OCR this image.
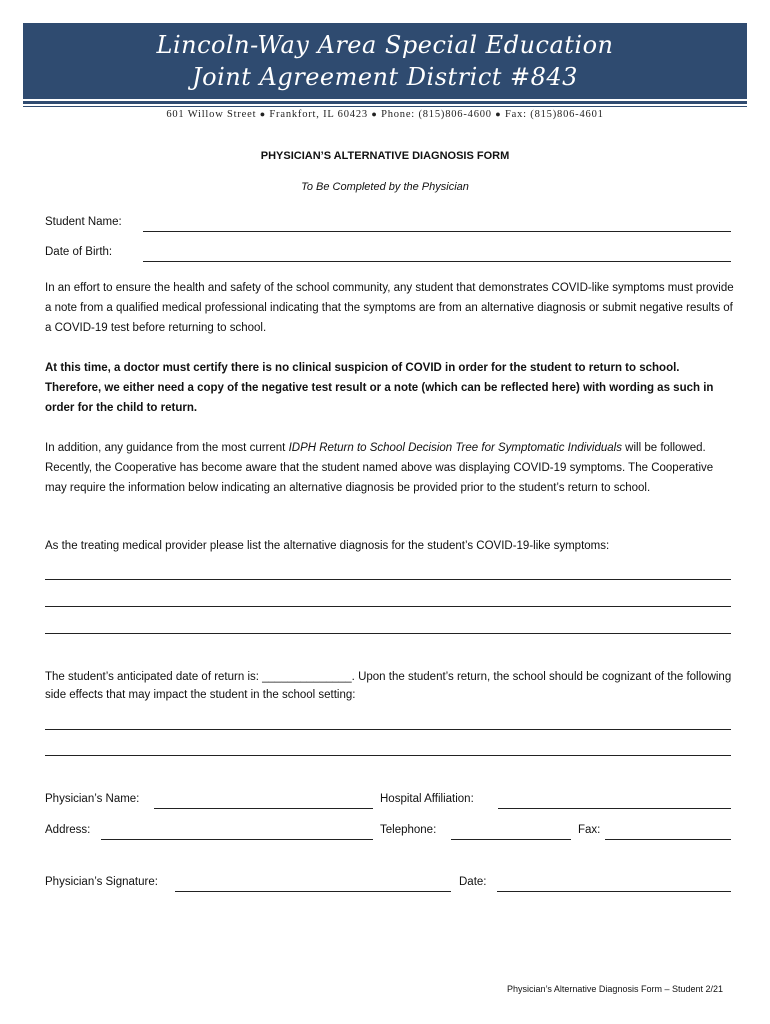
Lincoln-Way Area Special Education
Joint Agreement District #843
601 Willow Street ● Frankfort, IL 60423 ● Phone: (815)806-4600 ● Fax: (815)806-4601
PHYSICIAN’S ALTERNATIVE DIAGNOSIS FORM
To Be Completed by the Physician
Student Name:
Date of Birth:
In an effort to ensure the health and safety of the school community, any student that demonstrates COVID-like symptoms must provide a note from a qualified medical professional indicating that the symptoms are from an alternative diagnosis or submit negative results of a COVID-19 test before returning to school.
At this time, a doctor must certify there is no clinical suspicion of COVID in order for the student to return to school. Therefore, we either need a copy of the negative test result or a note (which can be reflected here) with wording as such in order for the child to return.
In addition, any guidance from the most current IDPH Return to School Decision Tree for Symptomatic Individuals will be followed. Recently, the Cooperative has become aware that the student named above was displaying COVID-19 symptoms. The Cooperative may require the information below indicating an alternative diagnosis be provided prior to the student’s return to school.
As the treating medical provider please list the alternative diagnosis for the student’s COVID-19-like symptoms:
The student’s anticipated date of return is: ______________. Upon the student’s return, the school should be cognizant of the following side effects that may impact the student in the school setting:
Physician’s Name:	Hospital Affiliation:
Address:	Telephone:	Fax:
Physician’s Signature:	Date:
Physician’s Alternative Diagnosis Form – Student 2/21
